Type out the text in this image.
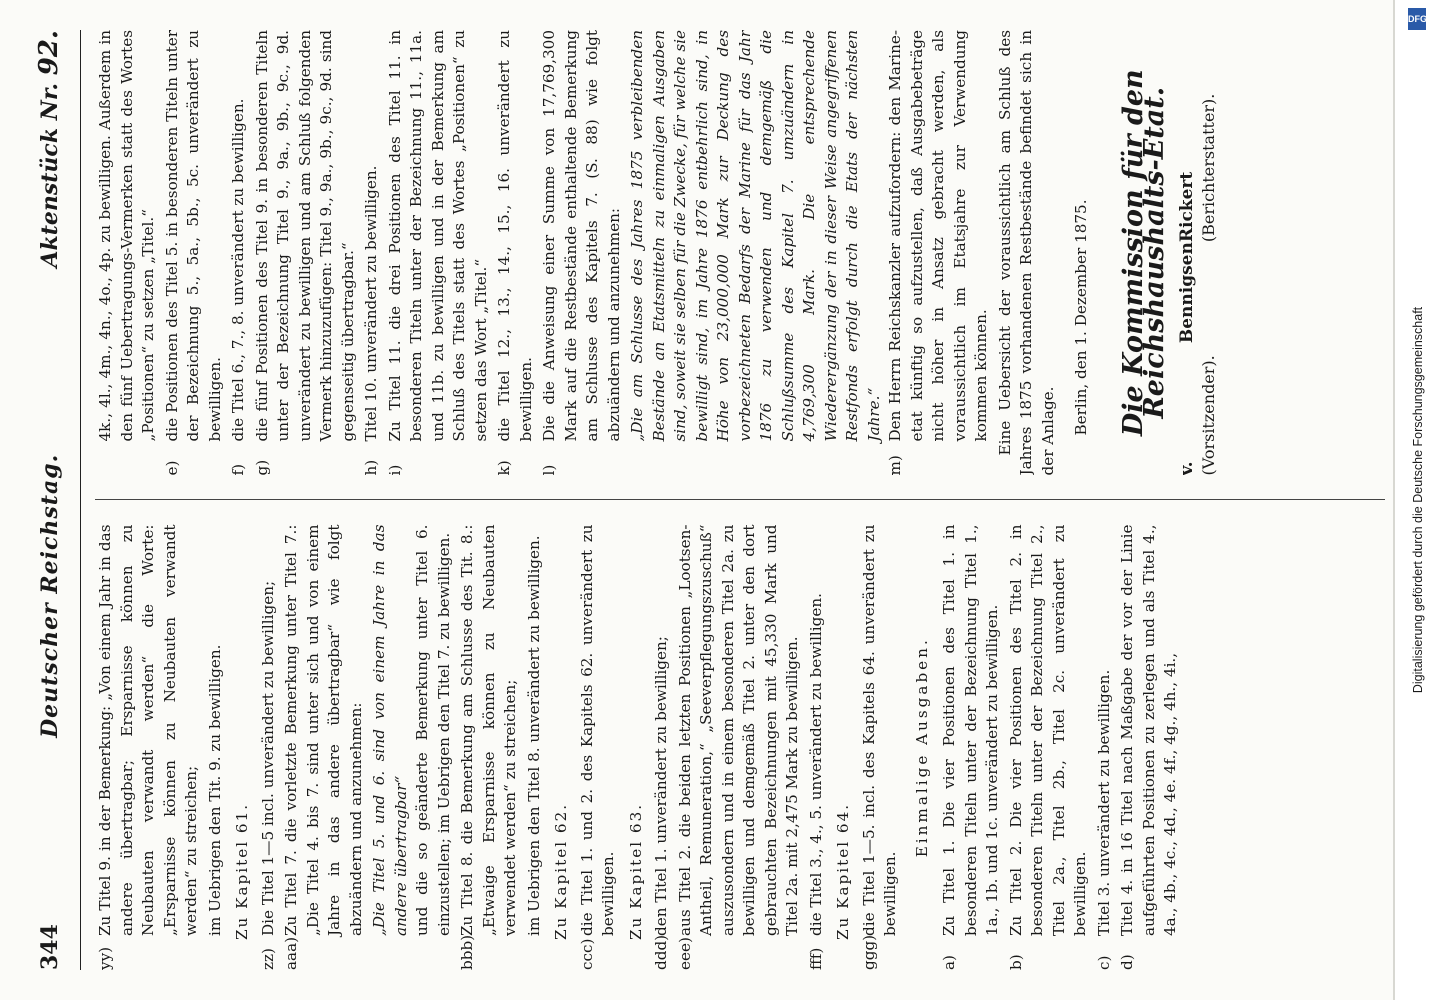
344
Deutscher Reichstag.
Aktenstück Nr. 92.
yy)Zu Titel 9. in der Bemerkung: „Von einem Jahr in das andere übertragbar; Ersparnisse können zu Neubauten verwandt werden“ die Worte: „Ersparnisse können zu Neubauten verwandt werden“ zu streichen; im Uebrigen den Tit. 9. zu bewilligen. Zu Kapitel 61.
zz)Die Titel 1—5 incl. unverändert zu bewilligen;
aaa)Zu Titel 7. die vorletzte Bemerkung unter Titel 7.: „Die Titel 4. bis 7. sind unter sich und von einem Jahre in das andere übertragbar“ wie folgt abzuändern und anzunehmen: „Die Titel 5. und 6. sind von einem Jahre in das andere übertragbar“ und die so geänderte Bemerkung unter Titel 6. einzustellen; im Uebrigen den Titel 7. zu bewilligen.
bbb)Zu Titel 8. die Bemerkung am Schlusse des Tit. 8.: „Etwaige Ersparnisse können zu Neubauten verwendet werden“ zu streichen; im Uebrigen den Titel 8. unverändert zu bewilligen. Zu Kapitel 62.
ccc)die Titel 1. und 2. des Kapitels 62. unverändert zu bewilligen. Zu Kapitel 63.
ddd)den Titel 1. unverändert zu bewilligen;
eee)aus Titel 2. die beiden letzten Positionen „Lootsen-Antheil, Remuneration,“ „Seeverpflegungszuschuß“ auszusondern und in einem besonderen Titel 2a. zu bewilligen und demgemäß Titel 2. unter den dort gebrauchten Bezeichnungen mit 45,330 Mark und Titel 2a. mit 2,475 Mark zu bewilligen.
fff)die Titel 3., 4., 5. unverändert zu bewilligen. Zu Kapitel 64.
ggg)die Titel 1—5. incl. des Kapitels 64. unverändert zu bewilligen.
Einmalige Ausgaben.
a)Zu Titel 1. Die vier Positionen des Titel 1. in besonderen Titeln unter der Bezeichnung Titel 1., 1a., 1b. und 1c. unverändert zu bewilligen.
b)Zu Titel 2. Die vier Positionen des Titel 2. in besonderen Titeln unter der Bezeichnung Titel 2., Titel 2a., Titel 2b., Titel 2c. unverändert zu bewilligen.
c)Titel 3. unverändert zu bewilligen.
d)Titel 4. in 16 Titel nach Maßgabe der vor der Linie aufgeführten Positionen zu zerlegen und als Titel 4., 4a., 4b., 4c., 4d., 4e. 4f., 4g., 4h., 4i.,
4k., 4l., 4m., 4n., 4o., 4p. zu bewilligen. Außerdem in den fünf Uebertragungs-Vermerken statt des Wortes „Positionen“ zu setzen „Titel.“
e)die Positionen des Titel 5. in besonderen Titeln unter der Bezeichnung 5., 5a., 5b., 5c. unverändert zu bewilligen.
f)die Titel 6., 7., 8. unverändert zu bewilligen.
g)die fünf Positionen des Titel 9. in besonderen Titeln unter der Bezeichnung Titel 9., 9a., 9b., 9c., 9d. unverändert zu bewilligen und am Schluß folgenden Vermerk hinzuzufügen: Titel 9., 9a., 9b., 9c., 9d. sind gegenseitig übertragbar.“
h)Titel 10. unverändert zu bewilligen.
i)Zu Titel 11. die drei Positionen des Titel 11. in besonderen Titeln unter der Bezeichnung 11., 11a. und 11b. zu bewilligen und in der Bemerkung am Schluß des Titels statt des Wortes „Positionen“ zu setzen das Wort „Titel.“
k)die Titel 12., 13., 14., 15., 16. unverändert zu bewilligen.
l)Die die Anweisung einer Summe von 17,769,300 Mark auf die Restbestände enthaltende Bemerkung am Schlusse des Kapitels 7. (S. 88) wie folgt abzuändern und anzunehmen: „Die am Schlusse des Jahres 1875 verbleibenden Bestände an Etatsmitteln zu einmaligen Ausgaben sind, soweit sie selben für die Zwecke, für welche sie bewilligt sind, im Jahre 1876 entbehrlich sind, in Höhe von 23,000,000 Mark zur Deckung des vorbezeichneten Bedarfs der Marine für das Jahr 1876 zu verwenden und demgemäß die Schlußsumme des Kapitel 7. umzuändern in 4,769,300 Mark. Die entsprechende Wiederergänzung der in dieser Weise angegriffenen Restfonds erfolgt durch die Etats der nächsten Jahre.“
m)Den Herrn Reichskanzler aufzufordern: den Marine-etat künftig so aufzustellen, daß Ausgabebeträge nicht höher in Ansatz gebracht werden, als voraussichtlich im Etatsjahre zur Verwendung kommen können. Eine Uebersicht der voraussichtlich am Schluß des Jahres 1875 vorhandenen Restbestände befindet sich in der Anlage. Berlin, den 1. Dezember 1875. Die Kommission für den Reichshaushalts-Etat. v. Bennigsen (Vorsitzender).
Rickert (Berichterstatter).
Digitalisierung gefördert durch die Deutsche Forschungsgemeinschaft
DFG
